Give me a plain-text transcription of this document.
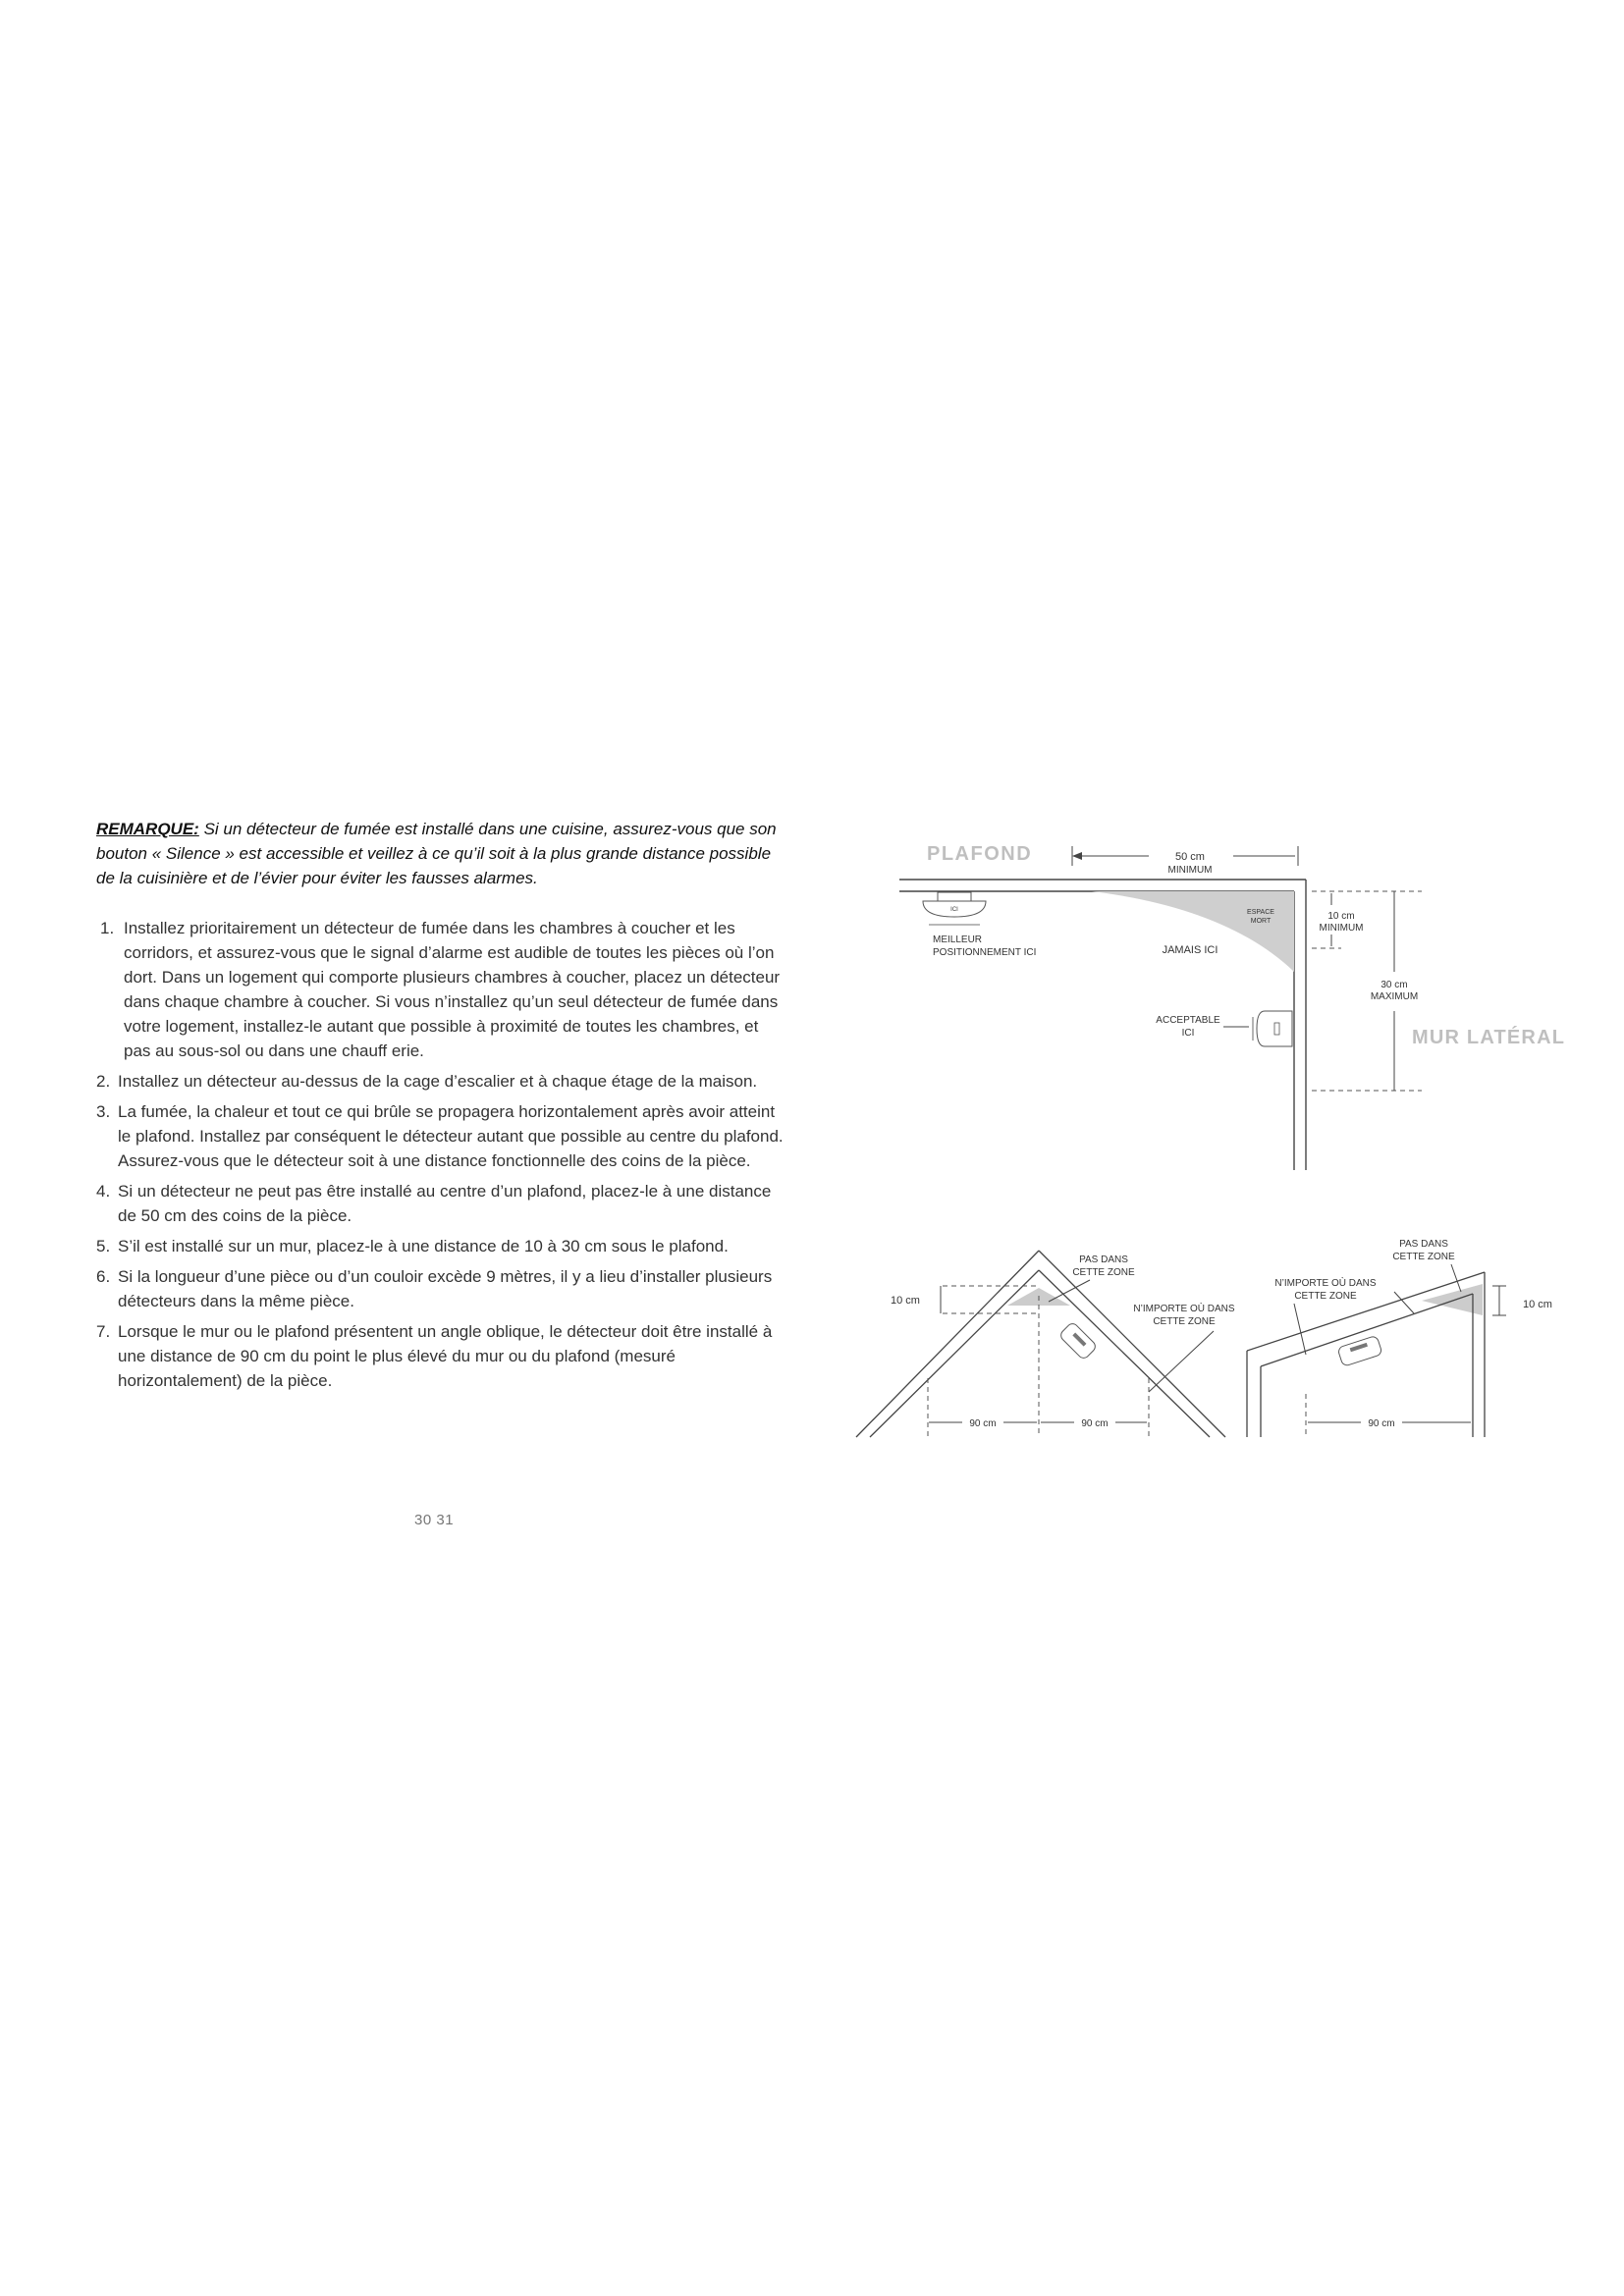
REMARQUE: Si un détecteur de fumée est installé dans une cuisine, assurez-vous que son bouton « Silence » est accessible et veillez à ce qu’il soit à la plus grande distance possible de la cuisinière et de l’évier pour éviter les fausses alarmes.

1. Installez prioritairement un détecteur de fumée dans les chambres à coucher et les corridors, et assurez-vous que le signal d’alarme est audible de toutes les pièces où l’on dort. Dans un logement qui comporte plusieurs chambres à coucher, placez un détecteur dans chaque chambre à coucher. Si vous n’installez qu’un seul détecteur de fumée dans votre logement, installez-le autant que possible à proximité de toutes les chambres, et pas au sous-sol ou dans une chauff erie.
2. Installez un détecteur au-dessus de la cage d’escalier et à chaque étage de la maison.
3. La fumée, la chaleur et tout ce qui brûle se propagera horizontalement après avoir atteint le plafond. Installez par conséquent le détecteur autant que possible au centre du plafond. Assurez-vous que le détecteur soit à une distance fonctionnelle des coins de la pièce.
4. Si un détecteur ne peut pas être installé au centre d’un plafond, placez-le à une distance de 50 cm des coins de la pièce.
5. S’il est installé sur un mur, placez-le à une distance de 10 à 30 cm sous le plafond.
6. Si la longueur d’une pièce ou d’un couloir excède 9 mètres, il y a lieu d’installer plusieurs détecteurs dans la même pièce.
7. Lorsque le mur ou le plafond présentent un angle oblique, le détecteur doit être installé à une distance de 90 cm du point le plus élevé du mur ou du plafond (mesuré horizontalement) de la pièce.
30 31
PLAFOND	50 cm
MINIMUM
ESPACE
MORT
JAMAIS ICI
ICI
MEILLEUR
POSITIONNEMENT ICI
10 cm
MINIMUM
30 cm
MAXIMUM
ACCEPTABLE
ICI	MUR LATÉRAL
10 cm
PAS DANS
CETTE ZONE
N’IMPORTE OÙ DANS
CETTE ZONE
90 cm	90 cm
10 cm
PAS DANS
CETTE ZONE
N’IMPORTE OÙ DANS
CETTE ZONE
90 cm
